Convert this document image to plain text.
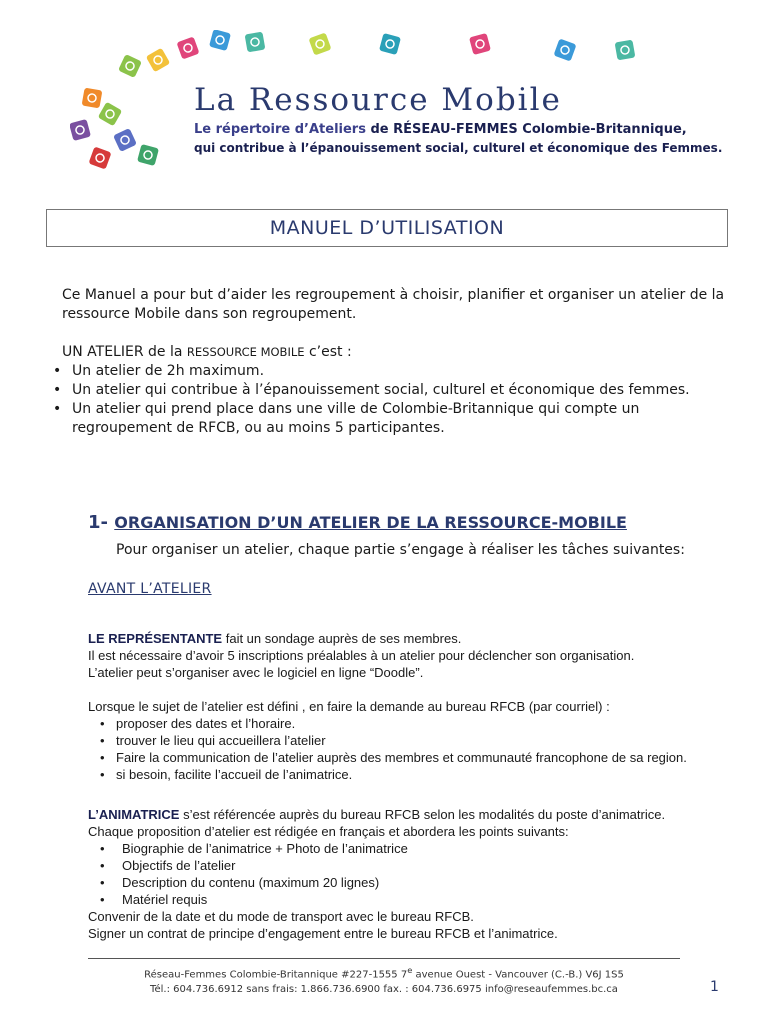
La Ressource Mobile
Le répertoire d’Ateliers de RÉSEAU-FEMMES Colombie-Britannique,
qui contribue à l’épanouissement social, culturel et économique des Femmes.
MANUEL D’UTILISATION

Ce Manuel a pour but d’aider les regroupement à choisir, planifier et organiser un atelier de la ressource Mobile dans son regroupement.

UN ATELIER de la RESSOURCE MOBILE c’est :
• Un atelier de 2h maximum.
• Un atelier qui contribue à l’épanouissement social, culturel et économique des femmes.
• Un atelier qui prend place dans une ville de Colombie-Britannique qui compte un regroupement de RFCB, ou au moins 5 participantes.
1- ORGANISATION D’UN ATELIER DE LA RESSOURCE-MOBILE
Pour organiser un atelier, chaque partie s’engage à réaliser les tâches suivantes:
AVANT L’ATELIER

LE REPRÉSENTANTE fait un sondage auprès de ses membres.

Il est nécessaire d’avoir 5 inscriptions préalables à un atelier pour déclencher son organisation.

L’atelier peut s’organiser avec le logiciel en ligne “Doodle”.

Lorsque le sujet de l’atelier est défini , en faire la demande au bureau RFCB (par courriel) :

• proposer des dates et l’horaire.
• trouver le lieu qui accueillera l’atelier
• Faire la communication de l’atelier auprès des membres et communauté francophone de sa region.
• si besoin, facilite l’accueil de l’animatrice.

L’ANIMATRICE s’est référencée auprès du bureau RFCB selon les modalités du poste d’animatrice.

Chaque proposition d’atelier est rédigée en français et abordera les points suivants:

• Biographie de l’animatrice + Photo de l’animatrice
• Objectifs de l’atelier
• Description du contenu (maximum 20 lignes)
• Matériel requis

Convenir de la date et du mode de transport avec le bureau RFCB.

Signer un contrat de principe d’engagement entre le bureau RFCB et l’animatrice.

Réseau-Femmes Colombie-Britannique #227-1555 7e avenue Ouest - Vancouver (C.-B.) V6J 1S5
Tél.: 604.736.6912 sans frais: 1.866.736.6900 fax. : 604.736.6975 info@reseaufemmes.bc.ca	1
